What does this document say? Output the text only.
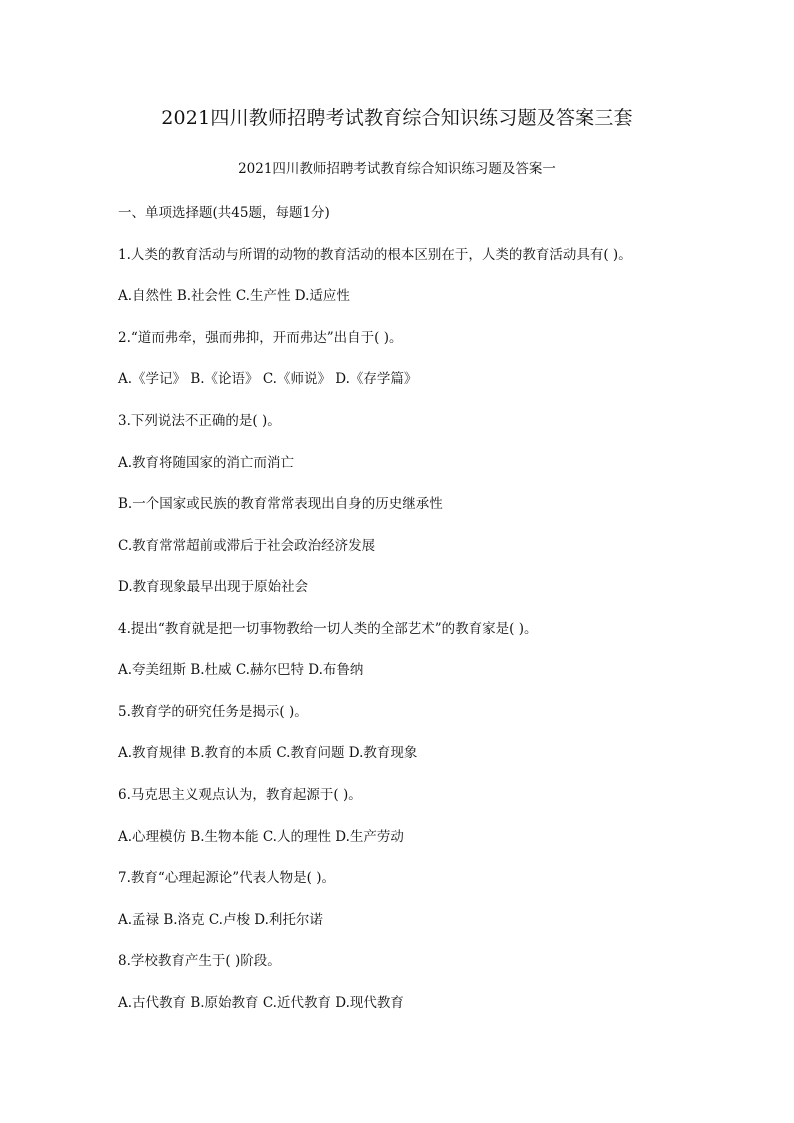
2021四川教师招聘考试教育综合知识练习题及答案三套
2021四川教师招聘考试教育综合知识练习题及答案一
一、单项选择题(共45题，每题1分)
1.人类的教育活动与所谓的动物的教育活动的根本区别在于，人类的教育活动具有( )。
A.自然性 B.社会性 C.生产性 D.适应性
2.“道而弗牵，强而弗抑，开而弗达”出自于( )。
A.《学记》 B.《论语》 C.《师说》 D.《存学篇》
3.下列说法不正确的是( )。
A.教育将随国家的消亡而消亡
B.一个国家或民族的教育常常表现出自身的历史继承性
C.教育常常超前或滞后于社会政治经济发展
D.教育现象最早出现于原始社会
4.提出“教育就是把一切事物教给一切人类的全部艺术”的教育家是( )。
A.夸美纽斯 B.杜威 C.赫尔巴特 D.布鲁纳
5.教育学的研究任务是揭示( )。
A.教育规律 B.教育的本质 C.教育问题 D.教育现象
6.马克思主义观点认为，教育起源于( )。
A.心理模仿 B.生物本能 C.人的理性 D.生产劳动
7.教育“心理起源论”代表人物是( )。
A.孟禄 B.洛克 C.卢梭 D.利托尔诺
8.学校教育产生于( )阶段。
A.古代教育 B.原始教育 C.近代教育 D.现代教育
